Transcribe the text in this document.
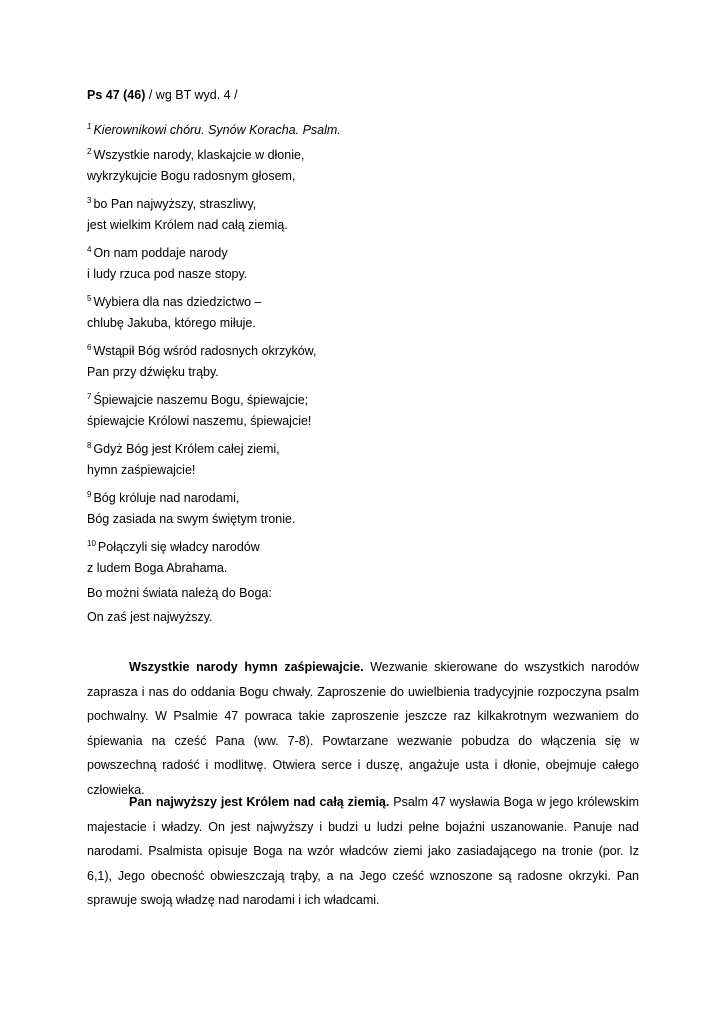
Ps 47 (46) / wg BT wyd. 4 /
$^1$ Kierownikowi chóru. Synów Koracha. Psalm.
$^2$ Wszystkie narody, klaskajcie w dłonie,
wykrzykujcie Bogu radosnym głosem,
$^3$ bo Pan najwyższy, straszliwy,
jest wielkim Królem nad całą ziemią.
$^4$ On nam poddaje narody
i ludy rzuca pod nasze stopy.
$^5$ Wybiera dla nas dziedzictwo –
chlubę Jakuba, którego miłuje.
$^6$ Wstąpił Bóg wśród radosnych okrzyków,
Pan przy dźwięku trąby.
$^7$ Śpiewajcie naszemu Bogu, śpiewajcie;
śpiewajcie Królowi naszemu, śpiewajcie!
$^8$ Gdyż Bóg jest Królem całej ziemi,
hymn zaśpiewajcie!
$^9$ Bóg króluje nad narodami,
Bóg zasiada na swym świętym tronie.
$^{10}$ Połączyli się władcy narodów
z ludem Boga Abrahama.
Bo możni świata należą do Boga:
On zaś jest najwyższy.

Wszystkie narody hymn zaśpiewajcie. Wezwanie skierowane do wszystkich narodów zaprasza i nas do oddania Bogu chwały. Zaproszenie do uwielbienia tradycyjnie rozpoczyna psalm pochwalny. W Psalmie 47 powraca takie zaproszenie jeszcze raz kilkakrotnym wezwaniem do śpiewania na cześć Pana (ww. 7-8). Powtarzane wezwanie pobudza do włączenia się w powszechną radość i modlitwę. Otwiera serce i duszę, angażuje usta i dłonie, obejmuje całego człowieka.

Pan najwyższy jest Królem nad całą ziemią. Psalm 47 wysławia Boga w jego królewskim majestacie i władzy. On jest najwyższy i budzi u ludzi pełne bojaźni uszanowanie. Panuje nad narodami. Psalmista opisuje Boga na wzór władców ziemi jako zasiadającego na tronie (por. Iz 6,1), Jego obecność obwieszczają trąby, a na Jego cześć wznoszone są radosne okrzyki. Pan sprawuje swoją władzę nad narodami i ich władcami.
